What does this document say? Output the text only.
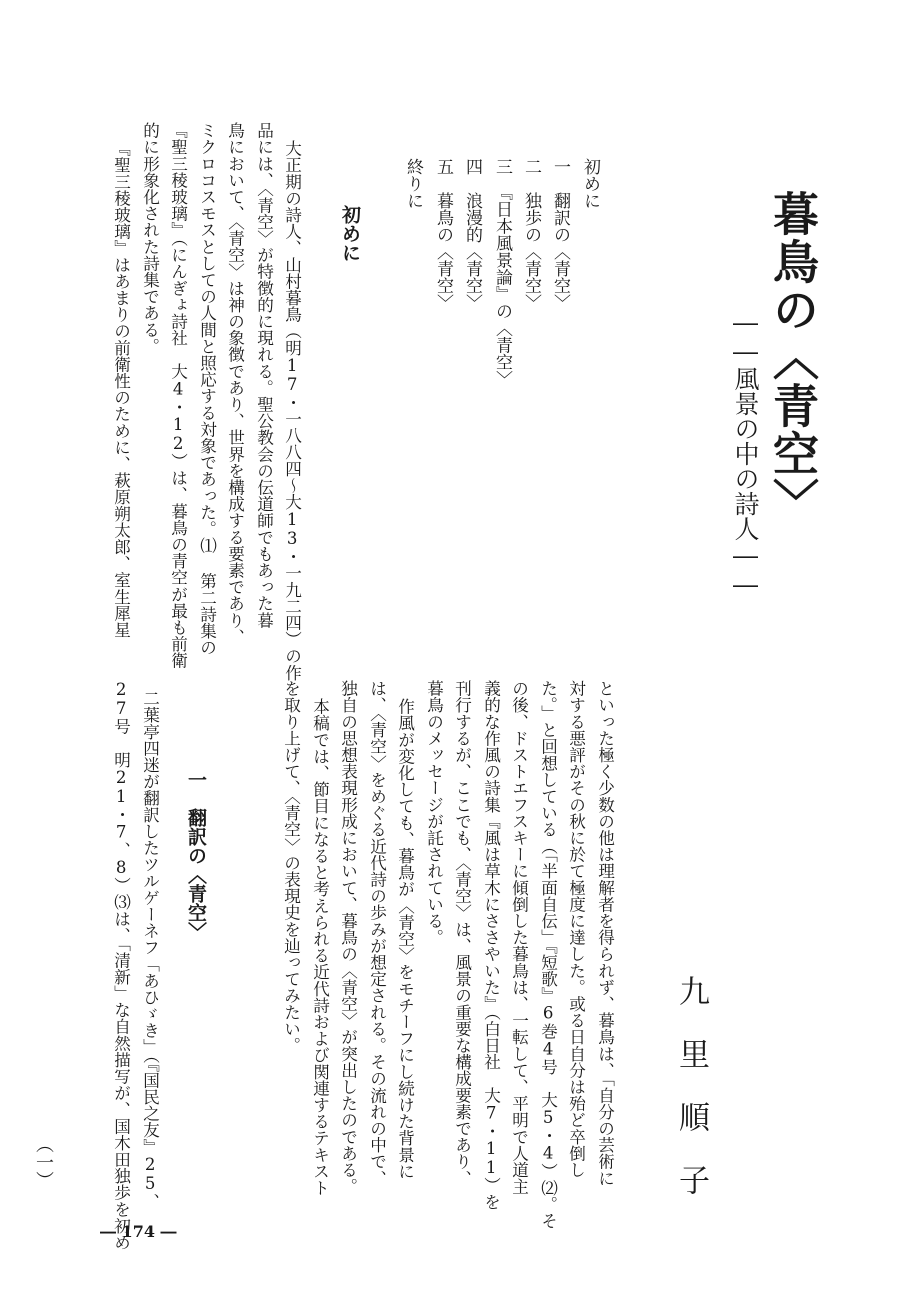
暮鳥の〈青空〉
――風景の中の詩人――
初めに
一　翻訳の〈青空〉
二　独歩の〈青空〉
三　『日本風景論』の〈青空〉
四　浪漫的〈青空〉
五　暮鳥の〈青空〉
終りに
初めに
大正期の詩人、山村暮鳥（明17・一八八四～大13・一九二四）の作
品には、〈青空〉が特徴的に現れる。聖公教会の伝道師でもあった暮
鳥において、〈青空〉は神の象徴であり、世界を構成する要素であり、
ミクロコスモスとしての人間と照応する対象であった。⑴ 第二詩集の
『聖三稜玻璃』（にんぎょ詩社　大4・12）は、暮鳥の青空が最も前衛
的に形象化された詩集である。
『聖三稜玻璃』はあまりの前衛性のために、萩原朔太郎、室生犀星
といった極く少数の他は理解者を得られず、暮鳥は、「自分の芸術に
対する悪評がその秋に於て極度に達した。或る日自分は殆ど卒倒し
た。」と回想している（「半面自伝」『短歌』6巻4号　大5・4）⑵。そ
の後、ドストエフスキーに傾倒した暮鳥は、一転して、平明で人道主
義的な作風の詩集『風は草木にささやいた』（白日社　大7・11）を
刊行するが、ここでも、〈青空〉は、風景の重要な構成要素であり、
暮鳥のメッセージが託されている。
作風が変化しても、暮鳥が〈青空〉をモチーフにし続けた背景に
は、〈青空〉をめぐる近代詩の歩みが想定される。その流れの中で、
独自の思想表現形成において、暮鳥の〈青空〉が突出したのである。
本稿では、節目になると考えられる近代詩および関連するテキスト
を取り上げて、〈青空〉の表現史を辿ってみたい。
一　翻訳の〈青空〉
二葉亭四迷が翻訳したツルゲーネフ「あひゞき」（『国民之友』25、
27号　明21・7、8）⑶は、「清新」な自然描写が、国木田独歩を初め	九里順子
（一）
― 174 ―
